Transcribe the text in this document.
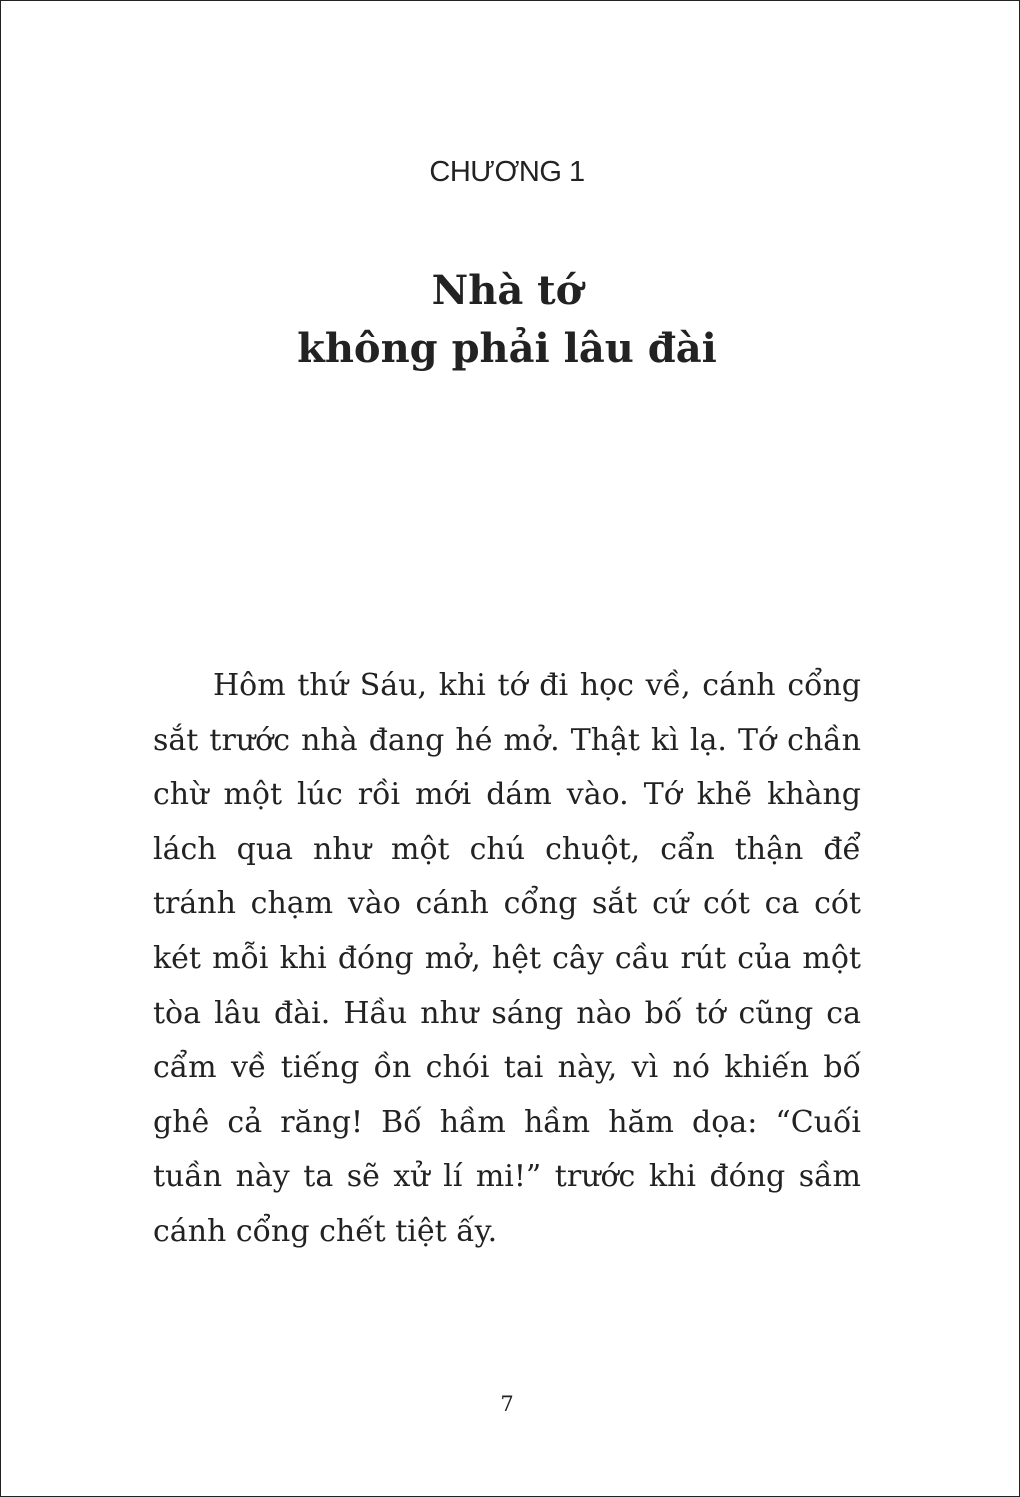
CHƯƠNG 1
Nhà tớ
không phải lâu đài

Hôm thứ Sáu, khi tớ đi học về, cánh cổng sắt trước nhà đang hé mở. Thật kì lạ. Tớ chần chừ một lúc rồi mới dám vào. Tớ khẽ khàng lách qua như một chú chuột, cẩn thận để tránh chạm vào cánh cổng sắt cứ cót ca cót két mỗi khi đóng mở, hệt cây cầu rút của một tòa lâu đài. Hầu như sáng nào bố tớ cũng ca cẩm về tiếng ồn chói tai này, vì nó khiến bố ghê cả răng! Bố hầm hầm hăm dọa: “Cuối tuần này ta sẽ xử lí mi!” trước khi đóng sầm cánh cổng chết tiệt ấy.

7
